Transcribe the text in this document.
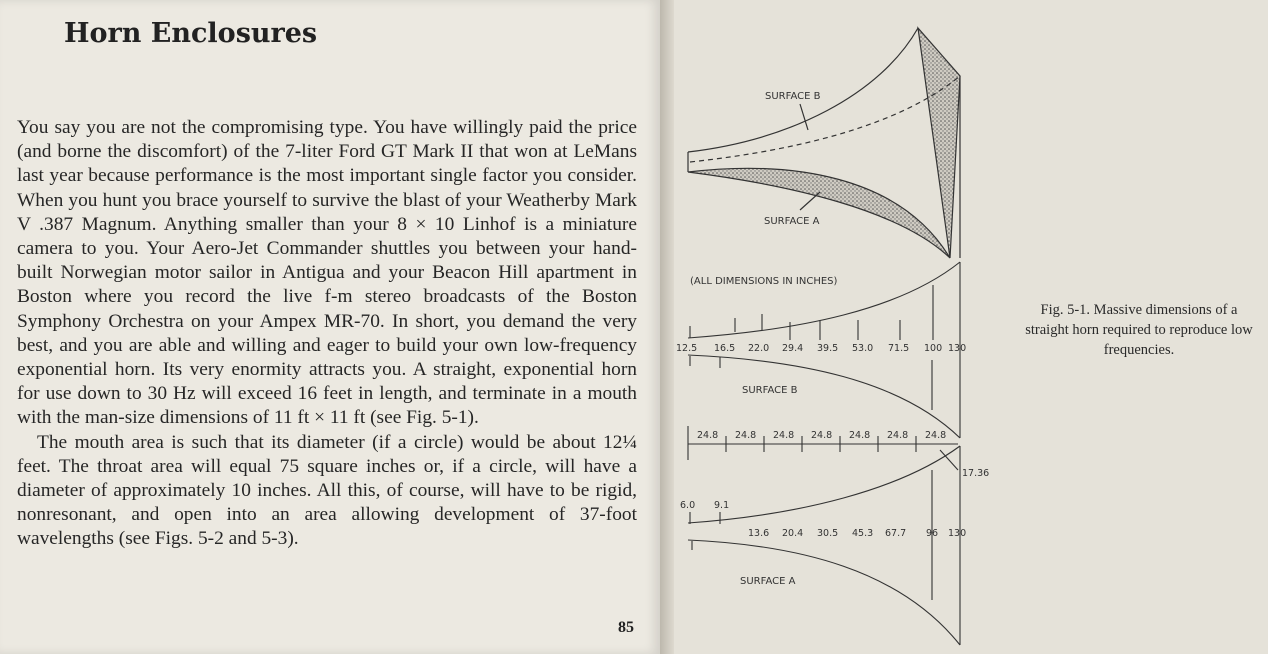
Horn Enclosures

You say you are not the compromising type. You have willingly paid the price (and borne the discomfort) of the 7-liter Ford GT Mark II that won at LeMans last year because performance is the most important single factor you consider. When you hunt you brace yourself to survive the blast of your Weatherby Mark V .387 Magnum. Anything smaller than your 8 × 10 Linhof is a miniature camera to you. Your Aero-Jet Commander shuttles you between your hand-built Norwegian motor sailor in Antigua and your Beacon Hill apartment in Boston where you record the live f-m stereo broadcasts of the Boston Symphony Orchestra on your Ampex MR-70. In short, you demand the very best, and you are able and willing and eager to build your own low-frequency exponential horn. Its very enormity attracts you. A straight, exponential horn for use down to 30 Hz will exceed 16 feet in length, and terminate in a mouth with the man-size dimensions of 11 ft × 11 ft (see Fig. 5-1).

The mouth area is such that its diameter (if a circle) would be about 12¼ feet. The throat area will equal 75 square inches or, if a circle, will have a diameter of approximately 10 inches. All this, of course, will have to be rigid, nonresonant, and open into an area allowing development of 37-foot wavelengths (see Figs. 5-2 and 5-3).

85
SURFACE B
SURFACE A
(ALL DIMENSIONS IN INCHES)
12.5 16.5 22.0 29.4 39.5 53.0 71.5 100 130
SURFACE B
24.8 24.8 24.8 24.8 24.8 24.8 24.8
17.36
6.0 9.1
13.6 20.4 30.5 45.3 67.7 96 130
SURFACE A
Fig. 5-1. Massive dimensions of a straight horn required to reproduce low frequencies.
